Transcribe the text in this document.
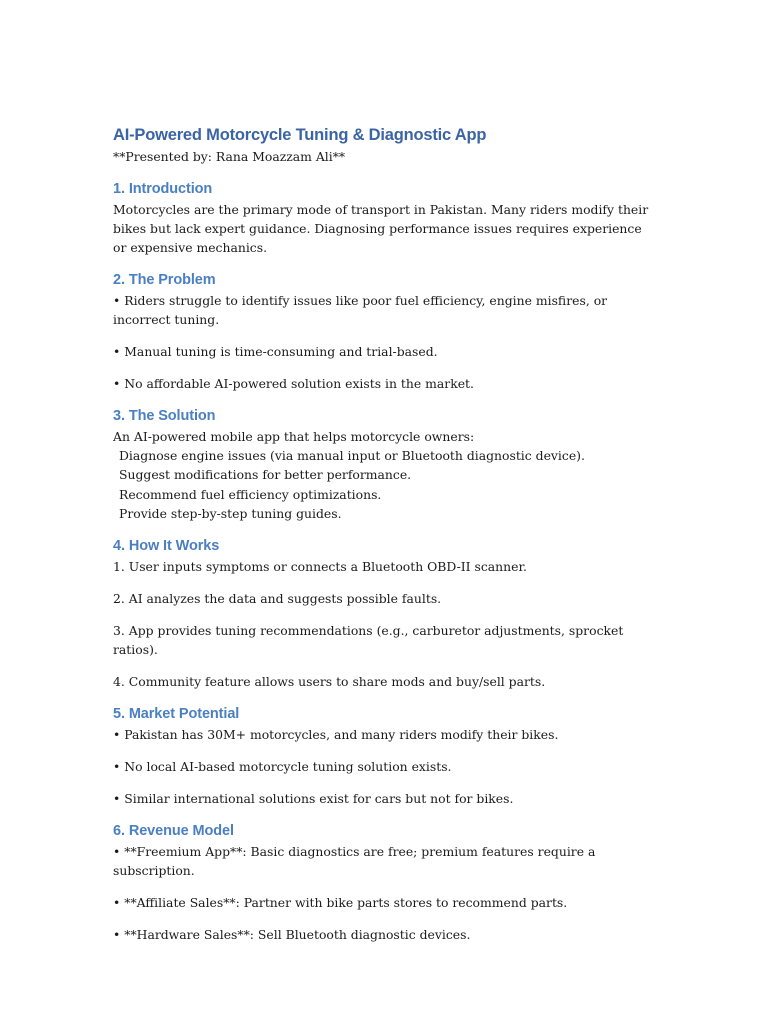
AI-Powered Motorcycle Tuning & Diagnostic App

**Presented by: Rana Moazzam Ali**

1. Introduction

Motorcycles are the primary mode of transport in Pakistan. Many riders modify their bikes but lack expert guidance. Diagnosing performance issues requires experience or expensive mechanics.

2. The Problem

• Riders struggle to identify issues like poor fuel efficiency, engine misfires, or incorrect tuning.

• Manual tuning is time-consuming and trial-based.

• No affordable AI-powered solution exists in the market.

3. The Solution

An AI-powered mobile app that helps motorcycle owners:

Diagnose engine issues (via manual input or Bluetooth diagnostic device).
Suggest modifications for better performance.
Recommend fuel efficiency optimizations.
Provide step-by-step tuning guides.
4. How It Works

1. User inputs symptoms or connects a Bluetooth OBD-II scanner.

2. AI analyzes the data and suggests possible faults.

3. App provides tuning recommendations (e.g., carburetor adjustments, sprocket ratios).

4. Community feature allows users to share mods and buy/sell parts.

5. Market Potential

• Pakistan has 30M+ motorcycles, and many riders modify their bikes.

• No local AI-based motorcycle tuning solution exists.

• Similar international solutions exist for cars but not for bikes.

6. Revenue Model

• **Freemium App**: Basic diagnostics are free; premium features require a subscription.

• **Affiliate Sales**: Partner with bike parts stores to recommend parts.

• **Hardware Sales**: Sell Bluetooth diagnostic devices.
